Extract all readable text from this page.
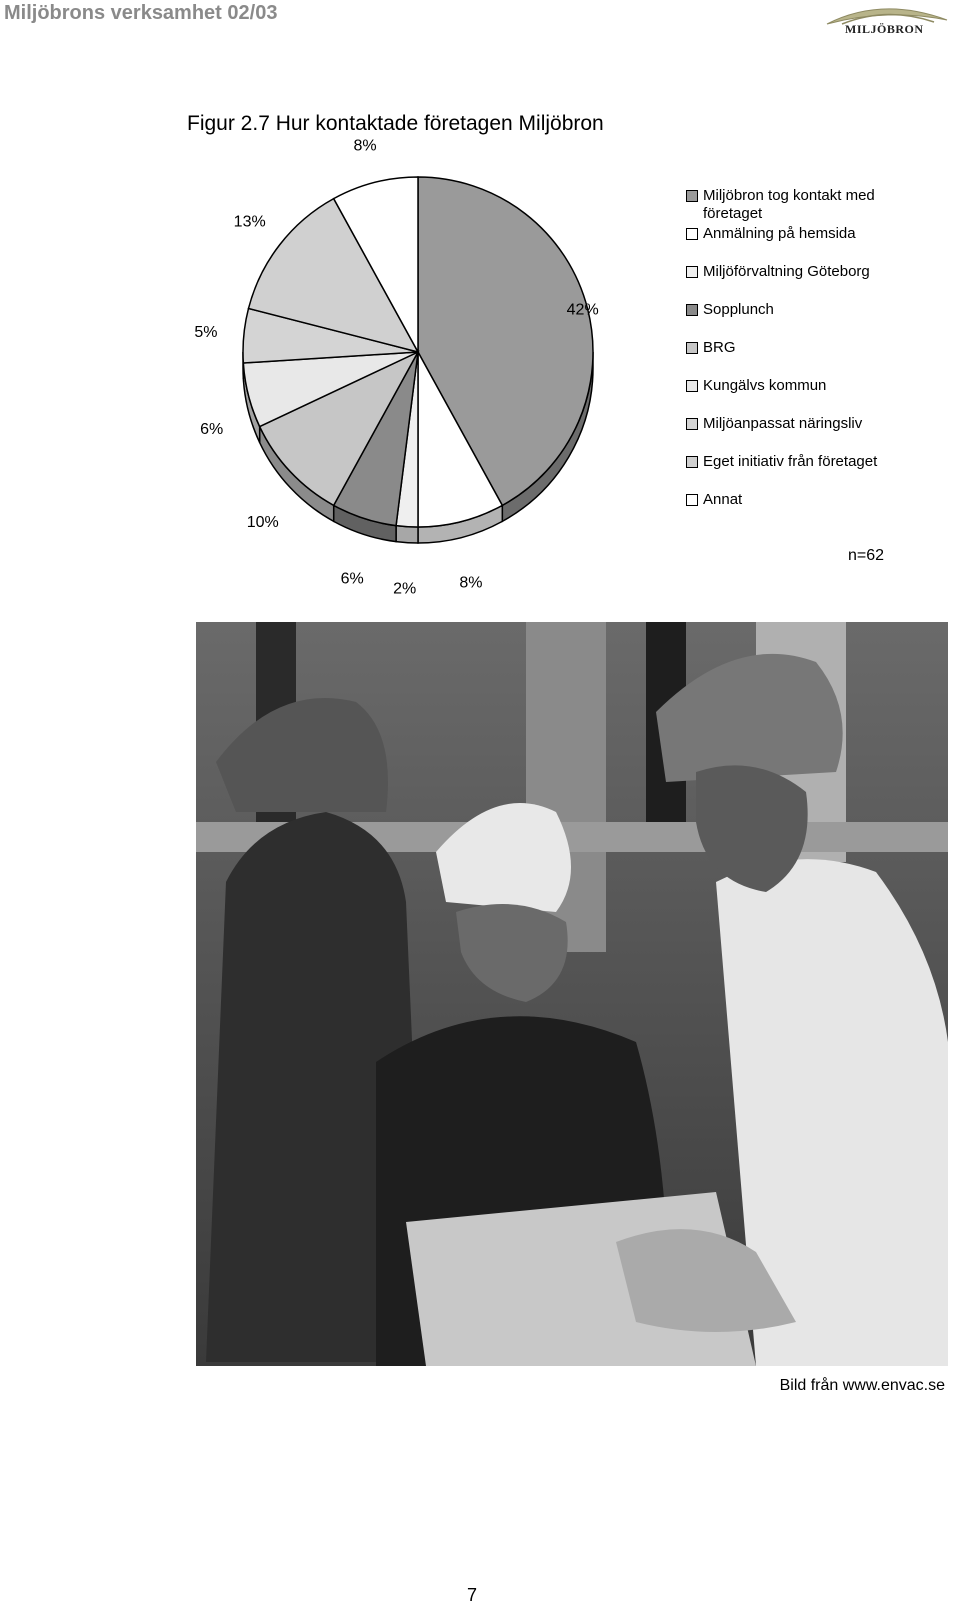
Miljöbrons verksamhet 02/03
MILJÖBRON
Figur 2.7 Hur kontaktade företagen Miljöbron
42%
8%
2%
6%
10%
6%
5%
13%
8%
Miljöbron tog kontakt med företaget
Anmälning på hemsida
Miljöförvaltning Göteborg
Sopplunch
BRG
Kungälvs kommun
Miljöanpassat näringsliv
Eget initiativ från företaget
Annat
n=62
Bild från www.envac.se
7
